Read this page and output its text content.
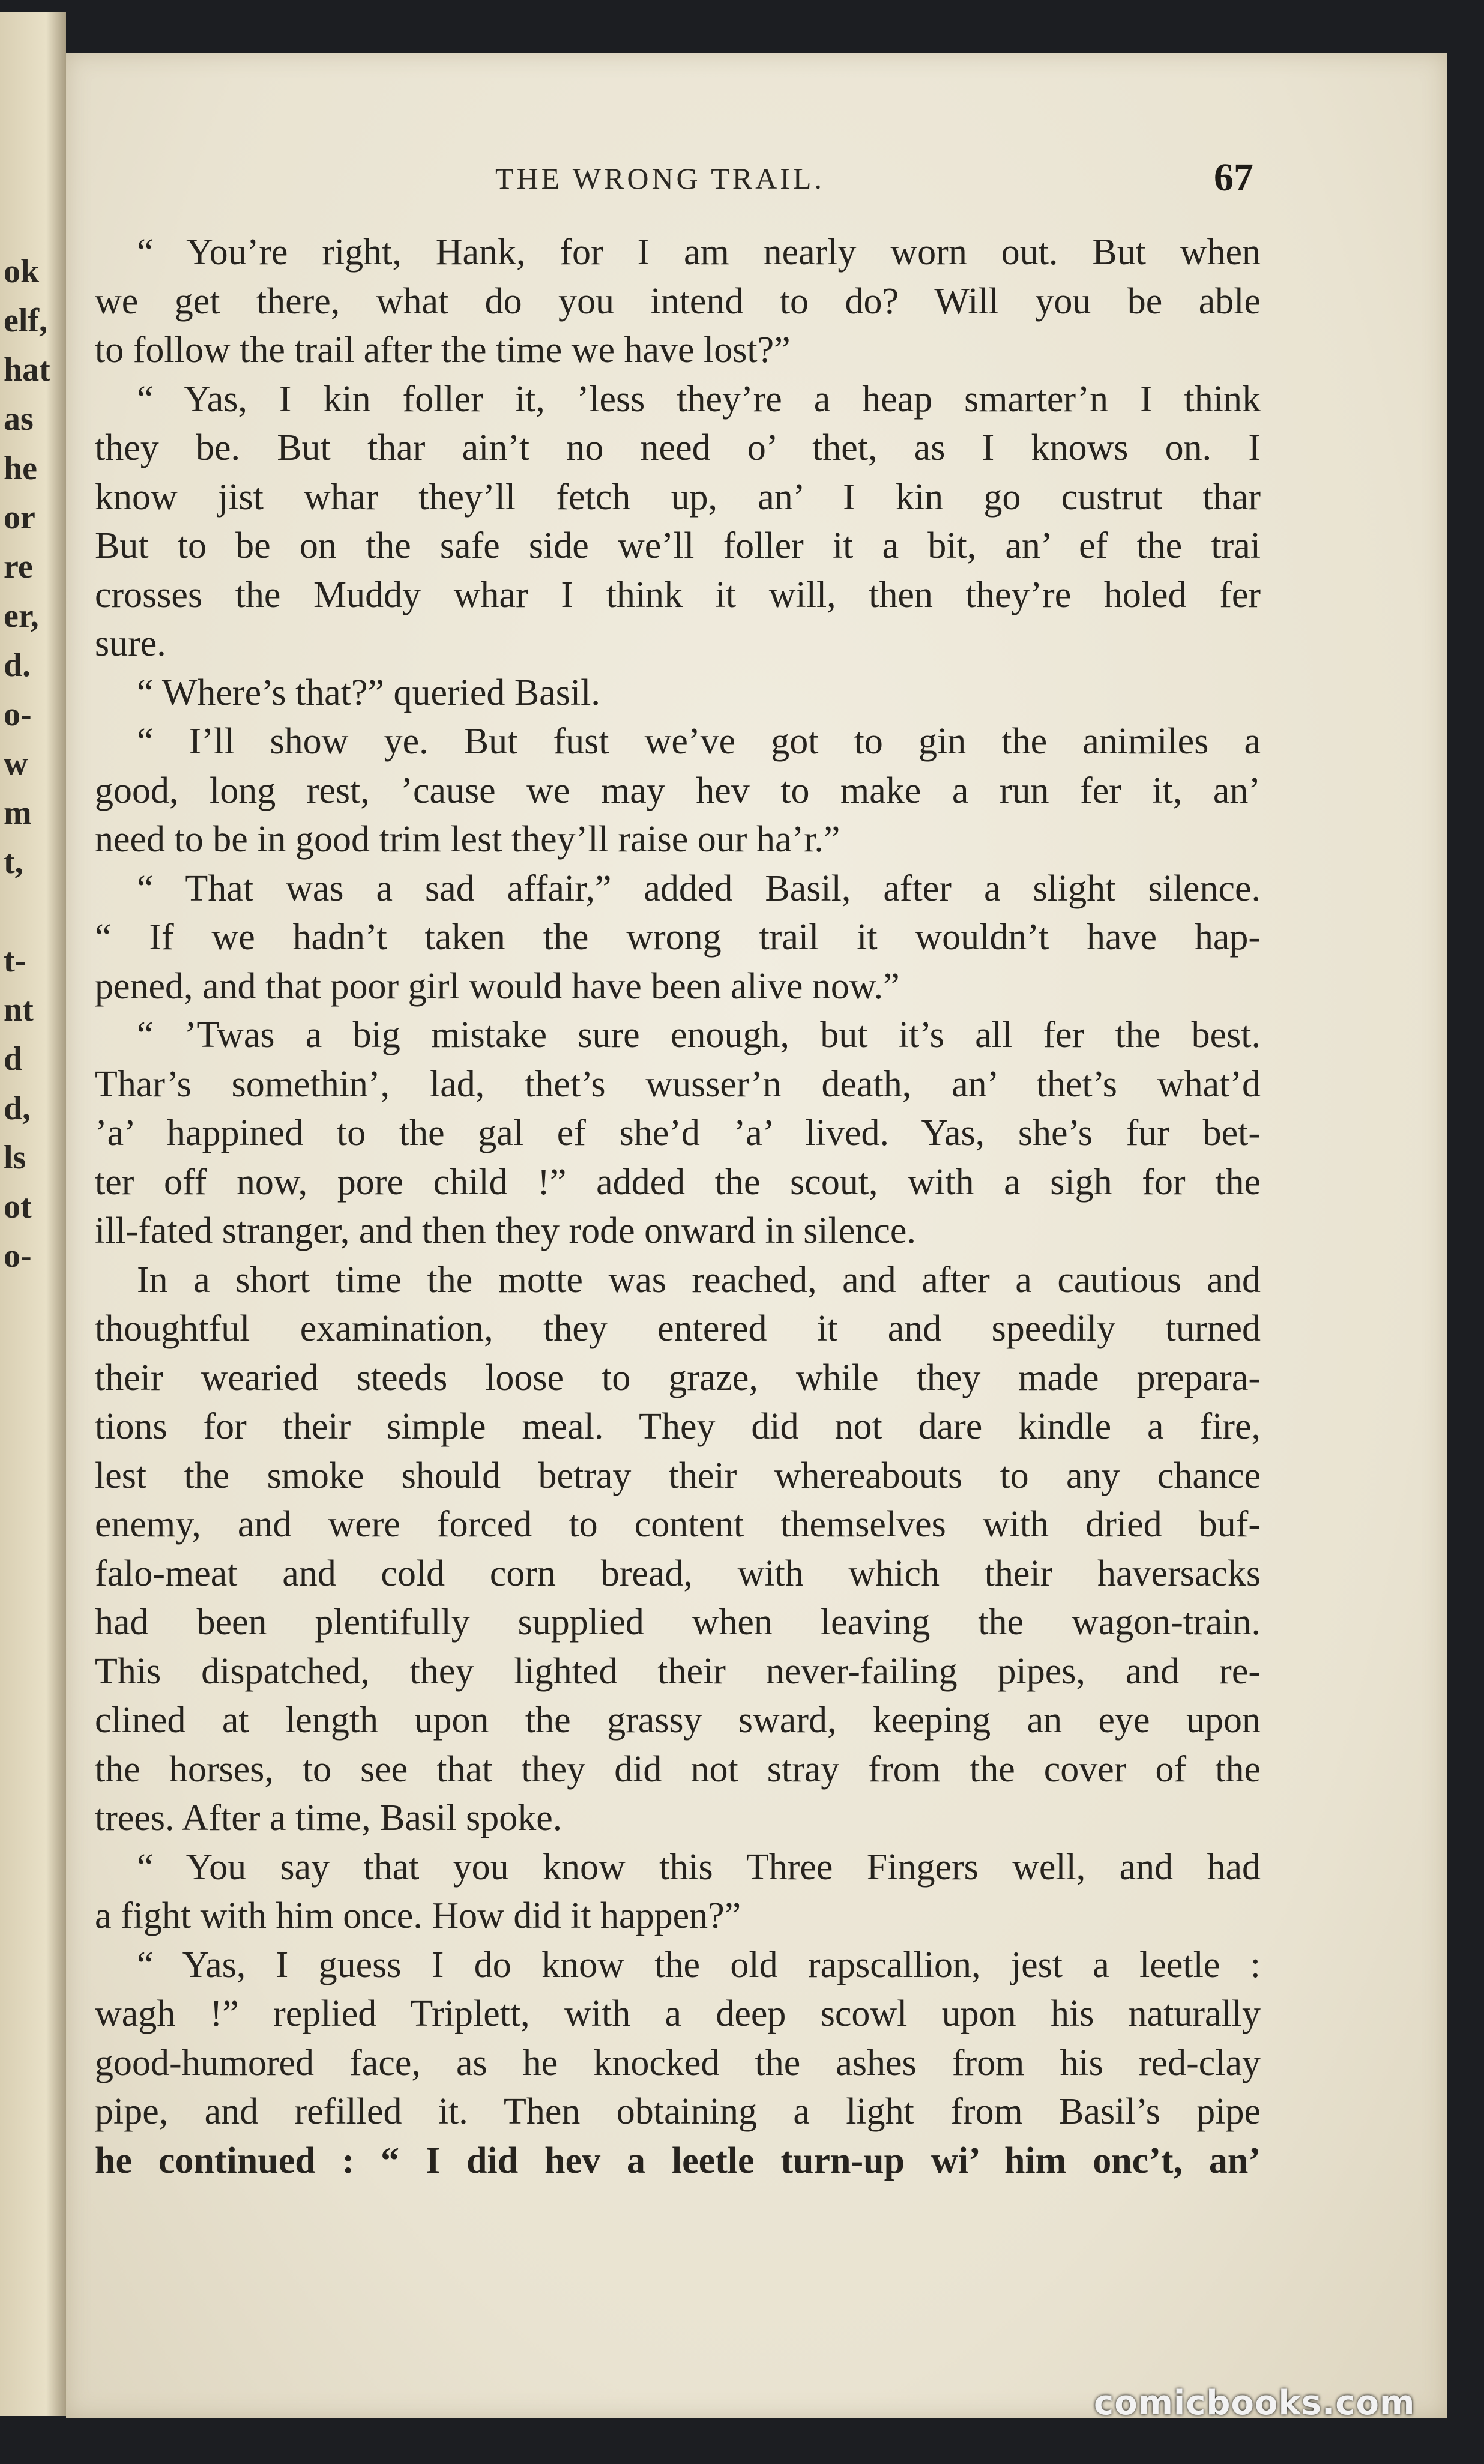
ok
elf,
hat
as
he
or
re
er,
d.
o-
w
m
t,
t-
nt
d
d,
ls
ot
o-
THE WRONG TRAIL.	67
“ You’re right, Hank, for I am nearly worn out. But when
we get there, what do you intend to do? Will you be able
to follow the trail after the time we have lost?”
“ Yas, I kin foller it, ’less they’re a heap smarter’n I think
they be. But thar ain’t no need o’ thet, as I knows on. I
know jist whar they’ll fetch up, an’ I kin go custrut thar
But to be on the safe side we’ll foller it a bit, an’ ef the trai
crosses the Muddy whar I think it will, then they’re holed fer
sure.
“ Where’s that?” queried Basil.
“ I’ll show ye. But fust we’ve got to gin the animiles a
good, long rest, ’cause we may hev to make a run fer it, an’
need to be in good trim lest they’ll raise our ha’r.”
“ That was a sad affair,” added Basil, after a slight silence.
“ If we hadn’t taken the wrong trail it wouldn’t have hap-
pened, and that poor girl would have been alive now.”
“ ’Twas a big mistake sure enough, but it’s all fer the best.
Thar’s somethin’, lad, thet’s wusser’n death, an’ thet’s what’d
’a’ happined to the gal ef she’d ’a’ lived. Yas, she’s fur bet-
ter off now, pore child !” added the scout, with a sigh for the
ill-fated stranger, and then they rode onward in silence.
In a short time the motte was reached, and after a cautious and
thoughtful examination, they entered it and speedily turned
their wearied steeds loose to graze, while they made prepara-
tions for their simple meal. They did not dare kindle a fire,
lest the smoke should betray their whereabouts to any chance
enemy, and were forced to content themselves with dried buf-
falo-meat and cold corn bread, with which their haversacks
had been plentifully supplied when leaving the wagon-train.
This dispatched, they lighted their never-failing pipes, and re-
clined at length upon the grassy sward, keeping an eye upon
the horses, to see that they did not stray from the cover of the
trees. After a time, Basil spoke.
“ You say that you know this Three Fingers well, and had
a fight with him once. How did it happen?”
“ Yas, I guess I do know the old rapscallion, jest a leetle :
wagh !” replied Triplett, with a deep scowl upon his naturally
good-humored face, as he knocked the ashes from his red-clay
pipe, and refilled it. Then obtaining a light from Basil’s pipe
he continued : “ I did hev a leetle turn-up wi’ him onc’t, an’
comicbooks.com
